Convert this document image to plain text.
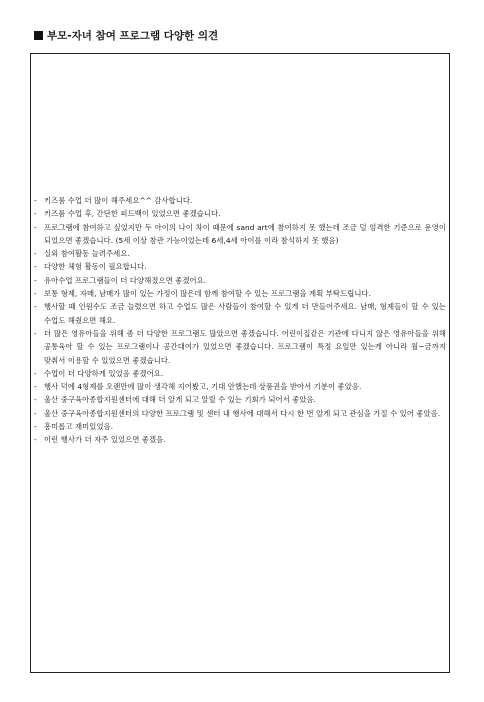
부모-자녀 참여 프로그램 다양한 의견
- 키즈룸 수업 더 많이 해주세요^^ 감사합니다.
- 키즈룸 수업 후, 간단한 피드백이 있었으면 좋겠습니다.
- 프로그램에 참여하고 싶었지만 두 아이의 나이 차이 때문에 sand art에 참여하지 못 했는데 조금 덜 엄격한 기준으로 운영이 되었으면 좋겠습니다. (5세 이상 참관 가능이었는데 6세,4세 아이를 이라 참석하지 못 했음)
- 실외 참여활동 늘려주세요.
- 다양한 체험 활동이 필요합니다.
- 유아수업 프로그램들이 더 다양해졌으면 좋겠어요.
- 보통 형제, 자매, 남매가 많이 있는 가정이 많은데 함께 참여할 수 있는 프로그램을 계획 부탁드립니다.
- 행사할 때 인원수도 조금 늘렸으면 하고 수업도 많은 사람들이 참여할 수 있게 더 만들어주세요. 남매, 형제들이 할 수 있는 수업도 해줬으면 해요.
- 더 많은 영유아들을 위해 좀 더 다양한 프로그램도 많았으면 좋겠습니다. 어린이집같은 기관에 다니지 않은 영유아들을 위해 공통육아 할 수 있는 프로그램이나 공간대여가 있었으면 좋겠습니다. 프로그램이 특정 요일만 있는게 아니라 월~금까지 맞춰서 이용할 수 있었으면 좋겠습니다.
- 수업이 더 다양하게 있었음 좋겠어요.
- 행사 덕에 4형제를 오랜만에 많이 생각해 지어봤고, 기대 안했는데 상품권을 받아서 기분이 좋았음.
- 울산 중구육아종합지원센터에 대해 더 알게 되고 알릴 수 있는 기회가 되어서 좋았음.
- 울산 중구육아종합지원센터의 다양한 프로그램 및 센터 내 행사에 대해서 다시 한 번 알게 되고 관심을 가질 수 있어 좋았음.
- 흥미롭고 재미있었음.
- 이런 행사가 더 자주 있었으면 좋겠음.
